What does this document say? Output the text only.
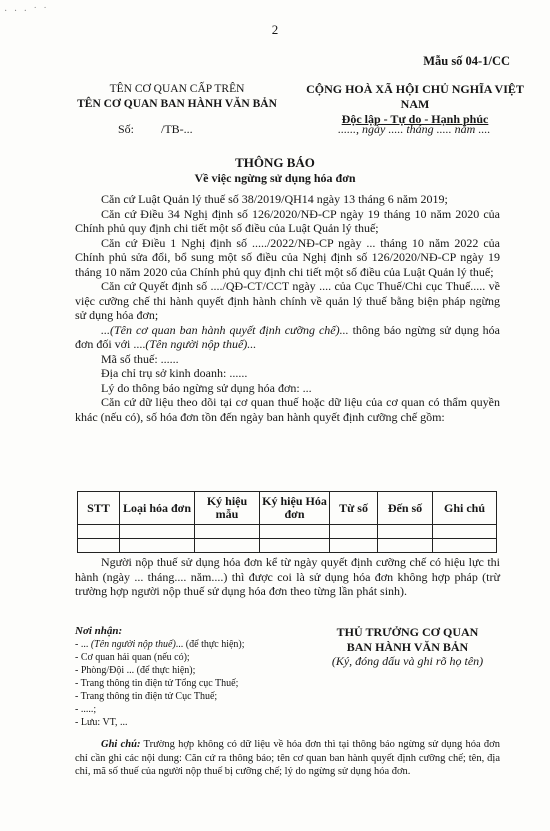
· · · ˙ ˙
2
Mẫu số 04-1/CC
TÊN CƠ QUAN CẤP TRÊN
TÊN CƠ QUAN BAN HÀNH VĂN BẢN
CỘNG HOÀ XÃ HỘI CHỦ NGHĨA VIỆT NAM
Độc lập - Tự do - Hạnh phúc
Số:         /TB-...	......, ngày ..... tháng ..... năm ....
THÔNG BÁO
Về việc ngừng sử dụng hóa đơn

Căn cứ Luật Quản lý thuế số 38/2019/QH14 ngày 13 tháng 6 năm 2019;

Căn cứ Điều 34 Nghị định số 126/2020/NĐ-CP ngày 19 tháng 10 năm 2020 của Chính phủ quy định chi tiết một số điều của Luật Quản lý thuế;

Căn cứ Điều 1 Nghị định số ...../2022/NĐ-CP ngày ... tháng 10 năm 2022 của Chính phủ sửa đổi, bổ sung một số điều của Nghị định số 126/2020/NĐ-CP ngày 19 tháng 10 năm 2020 của Chính phủ quy định chi tiết một số điều của Luật Quản lý thuế;

Căn cứ Quyết định số ..../QĐ-CT/CCT ngày .... của Cục Thuế/Chi cục Thuế..... về việc cưỡng chế thi hành quyết định hành chính về quản lý thuế bằng biện pháp ngừng sử dụng hóa đơn;

...(Tên cơ quan ban hành quyết định cưỡng chế)... thông báo ngừng sử dụng hóa đơn đối với ....(Tên người nộp thuế)...

Mã số thuế: ......

Địa chỉ trụ sở kinh doanh: ......

Lý do thông báo ngừng sử dụng hóa đơn: ...

Căn cứ dữ liệu theo dõi tại cơ quan thuế hoặc dữ liệu của cơ quan có thẩm quyền khác (nếu có), số hóa đơn tồn đến ngày ban hành quyết định cưỡng chế gồm:

STT	Loại hóa đơn	Ký hiệu mẫu	Ký hiệu Hóa đơn	Từ số	Đến số	Ghi chú

Người nộp thuế sử dụng hóa đơn kể từ ngày quyết định cưỡng chế có hiệu lực thi hành (ngày ... tháng.... năm....) thì được coi là sử dụng hóa đơn không hợp pháp (trừ trường hợp người nộp thuế sử dụng hóa đơn theo từng lần phát sinh).

Nơi nhận:
- ... (Tên người nộp thuế)... (để thực hiện);
- Cơ quan hải quan (nếu có);
- Phòng/Đội ... (để thực hiện);
- Trang thông tin điện tử Tổng cục Thuế;
- Trang thông tin điện tử Cục Thuế;
- .....;
- Lưu: VT, ...
THỦ TRƯỞNG CƠ QUAN
BAN HÀNH VĂN BẢN
(Ký, đóng dấu và ghi rõ họ tên)
Ghi chú: Trường hợp không có dữ liệu về hóa đơn thì tại thông báo ngừng sử dụng hóa đơn chỉ cần ghi các nội dung: Căn cứ ra thông báo; tên cơ quan ban hành quyết định cưỡng chế; tên, địa chỉ, mã số thuế của người nộp thuế bị cưỡng chế; lý do ngừng sử dụng hóa đơn.
